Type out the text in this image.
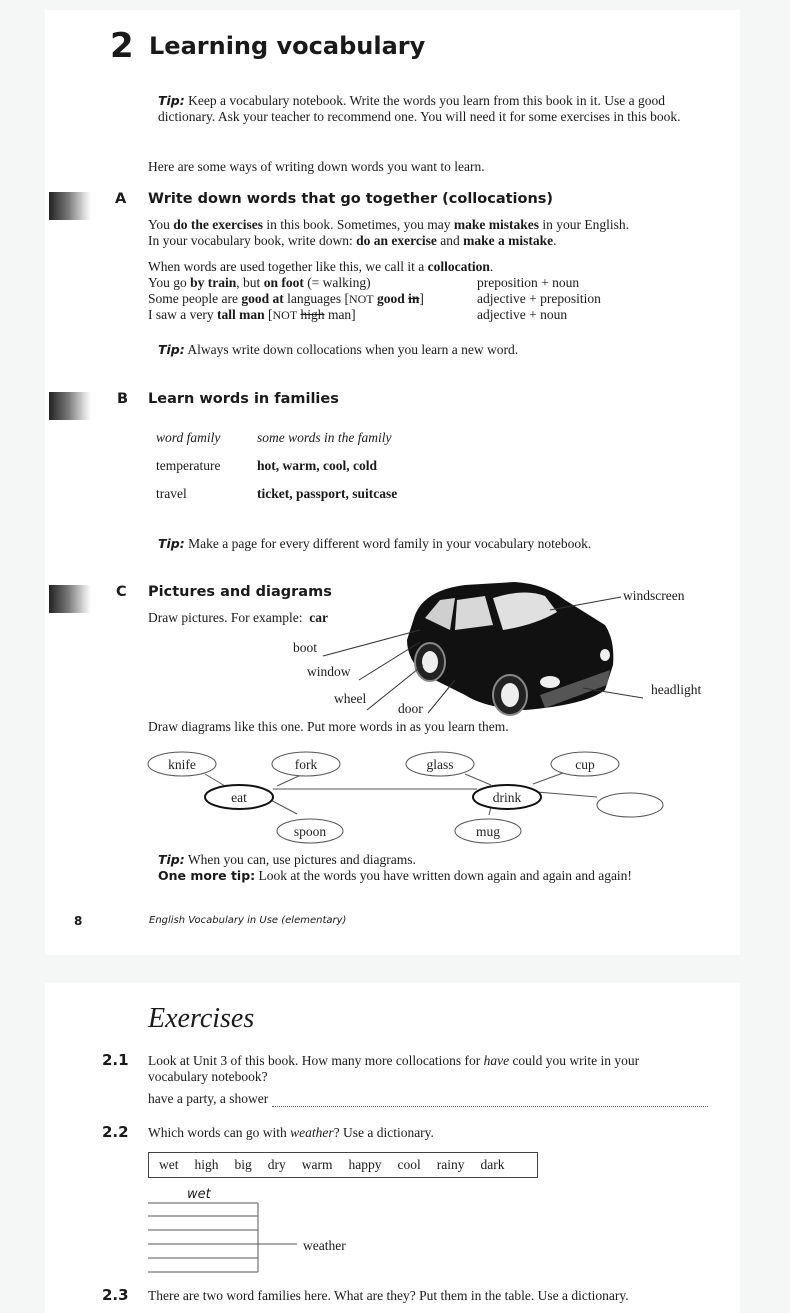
2 Learning vocabulary
Tip: Keep a vocabulary notebook. Write the words you learn from this book in it. Use a good dictionary. Ask your teacher to recommend one. You will need it for some exercises in this book.
Here are some ways of writing down words you want to learn.
A Write down words that go together (collocations)
You do the exercises in this book. Sometimes, you may make mistakes in your English.
In your vocabulary book, write down: do an exercise and make a mistake.
When words are used together like this, we call it a collocation.
You go by train, but on foot (= walking)	preposition + noun
Some people are good at languages [NOT good in]	adjective + preposition
I saw a very tall man [NOT high man]	adjective + noun
Tip: Always write down collocations when you learn a new word.
B Learn words in families
word family	some words in the family
temperature	hot, warm, cool, cold
travel	ticket, passport, suitcase
Tip: Make a page for every different word family in your vocabulary notebook.
C Pictures and diagrams
Draw pictures. For example: car
windscreen
boot
window
wheel
door
headlight
Draw diagrams like this one. Put more words in as you learn them.
knife	fork
spoon
glass	cup
mug
eat	drink
Tip: When you can, use pictures and diagrams.
One more tip: Look at the words you have written down again and again and again!
8	English Vocabulary in Use (elementary)
Exercises
2.1 Look at Unit 3 of this book. How many more collocations for have could you write in your
vocabulary notebook?
have a party, a shower
2.2 Which words can go with weather? Use a dictionary.
wet high big dry warm happy cool rainy dark
wet
weather
2.3 There are two word families here. What are they? Put them in the table. Use a dictionary.
